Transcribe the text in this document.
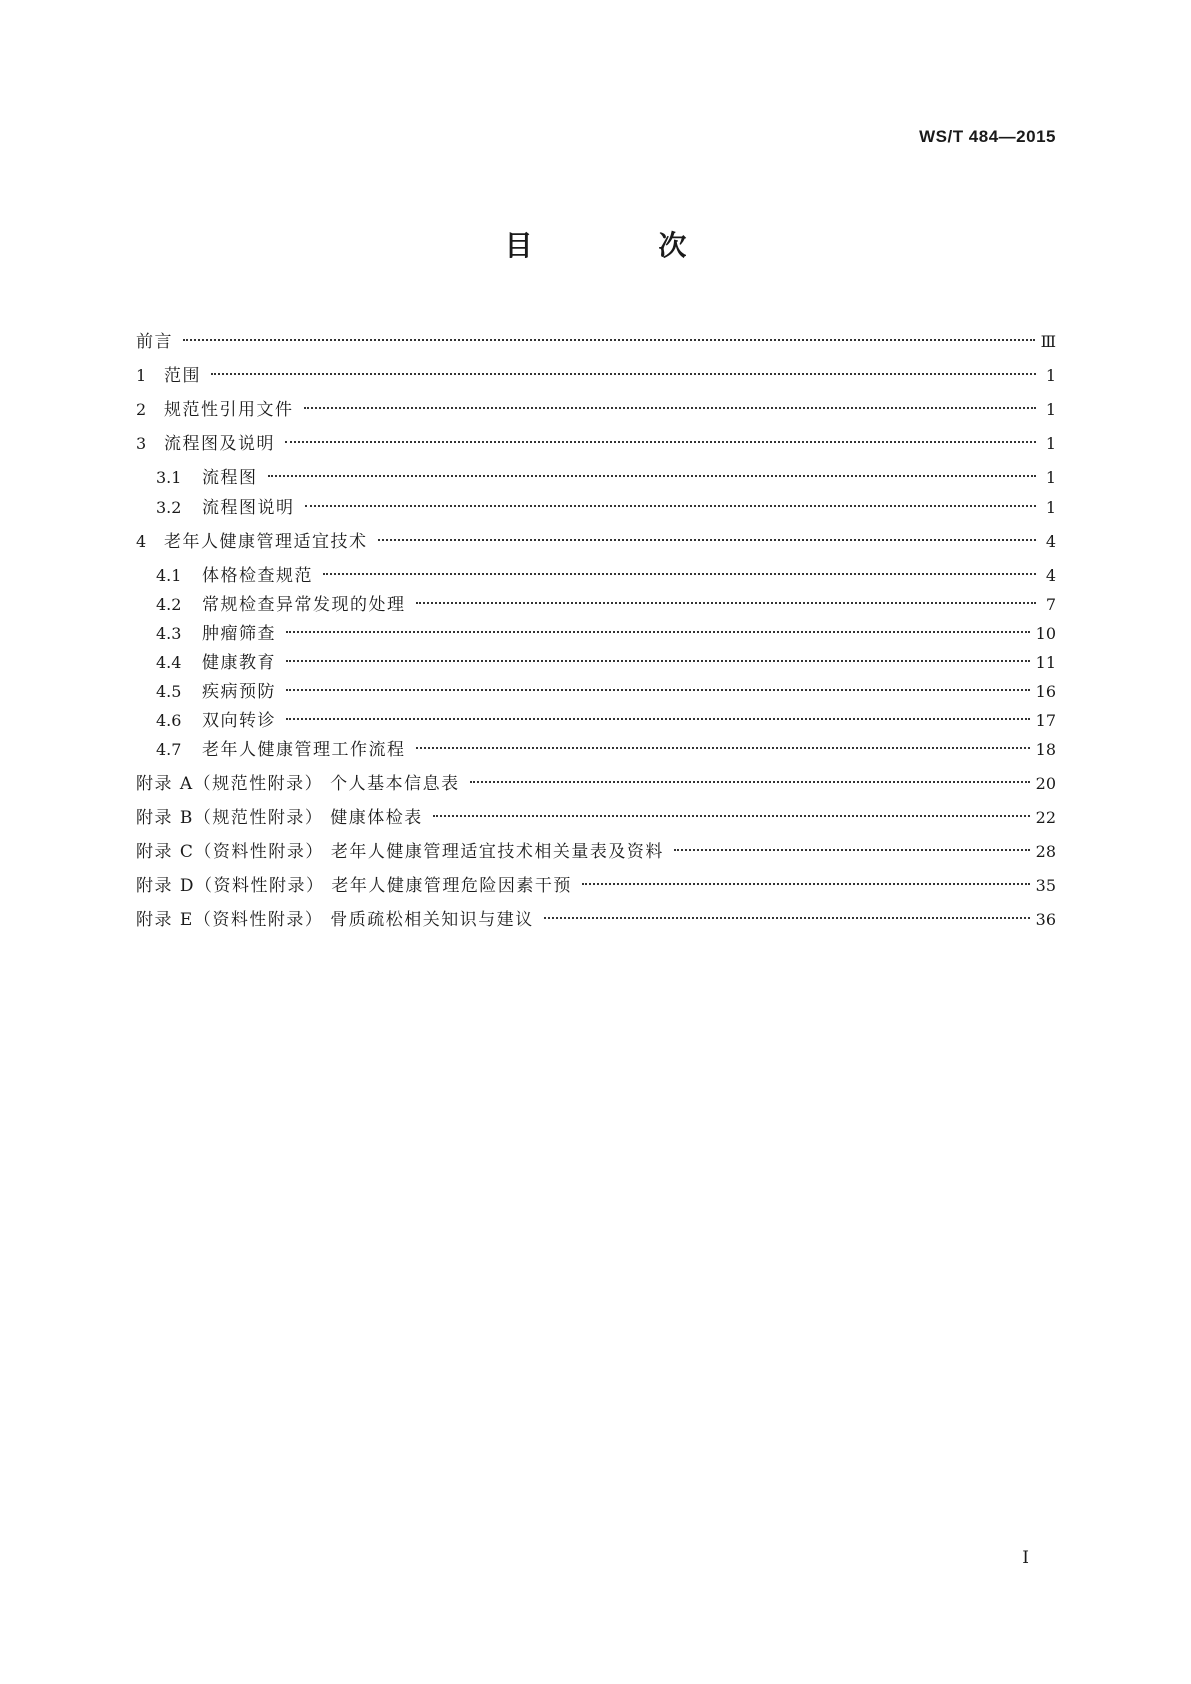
WS/T 484—2015
目 次
前言	Ⅲ
1 范围	1
2 规范性引用文件	1
3 流程图及说明	1
3.1	流程图	1
3.2	流程图说明	1
4 老年人健康管理适宜技术	4
4.1	体格检查规范	4
4.2	常规检查异常发现的处理	7
4.3	肿瘤筛查	10
4.4	健康教育	11
4.5	疾病预防	16
4.6	双向转诊	17
4.7	老年人健康管理工作流程	18
附录 A（规范性附录） 个人基本信息表	20
附录 B（规范性附录） 健康体检表	22
附录 C（资料性附录） 老年人健康管理适宜技术相关量表及资料	28
附录 D（资料性附录） 老年人健康管理危险因素干预	35
附录 E（资料性附录） 骨质疏松相关知识与建议	36
I
